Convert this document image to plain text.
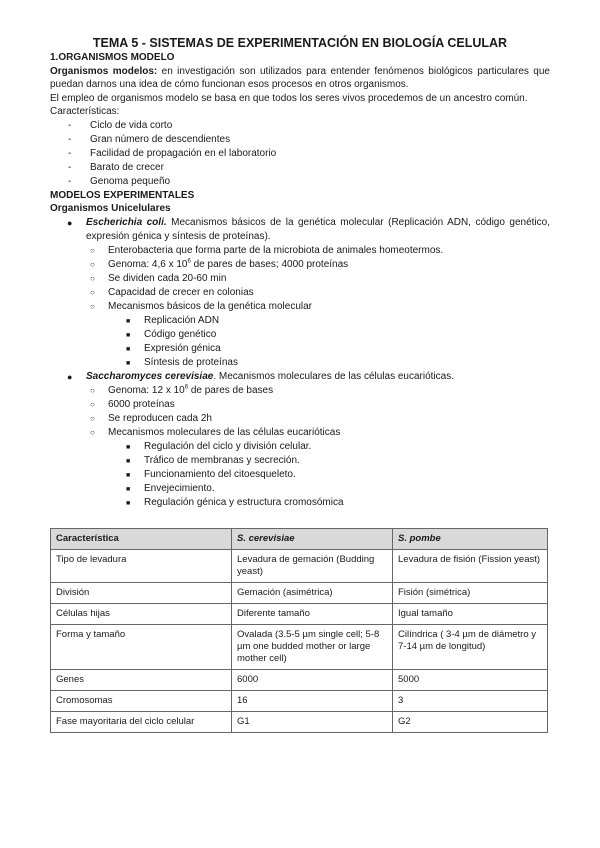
TEMA 5 - SISTEMAS DE EXPERIMENTACIÓN EN BIOLOGÍA CELULAR
1.ORGANISMOS MODELO
Organismos modelos: en investigación son utilizados para entender fenómenos biológicos particulares que puedan darnos una idea de cómo funcionan esos procesos en otros organismos.
El empleo de organismos modelo se basa en que todos los seres vivos procedemos de un ancestro común.
Características:
- Ciclo de vida corto
- Gran número de descendientes
- Facilidad de propagación en el laboratorio
- Barato de crecer
- Genoma pequeño
MODELOS EXPERIMENTALES
Organismos Unicelulares
● Escherichia coli. Mecanismos básicos de la genética molecular (Replicación ADN, código genético, expresión génica y síntesis de proteínas).
○ Enterobacteria que forma parte de la microbiota de animales homeotermos.
○ Genoma: 4,6 x $10^6$ de pares de bases; 4000 proteínas
○ Se dividen cada 20-60 min
○ Capacidad de crecer en colonias
○ Mecanismos básicos de la genética molecular
■ Replicación ADN
■ Código genético
■ Expresión génica
■ Síntesis de proteínas
● Saccharomyces cerevisiae. Mecanismos moleculares de las células eucarióticas.
○ Genoma: 12 x $10^6$ de pares de bases
○ 6000 proteínas
○ Se reproducen cada 2h
○ Mecanismos moleculares de las células eucarióticas
■ Regulación del ciclo y división celular.
■ Tráfico de membranas y secreción.
■ Funcionamiento del citoesqueleto.
■ Envejecimiento.
■ Regulación génica y estructura cromosómica
Característica	S. cerevisiae	S. pombe
Tipo de levadura	Levadura de gemación (Budding yeast)	Levadura de fisión (Fission yeast)
División	Gemación (asimétrica)	Fisión (simétrica)
Células hijas	Diferente tamaño	Igual tamaño
Forma y tamaño	Ovalada (3.5-5 µm single cell; 5-8 µm one budded mother or large mother cell)	Cilíndrica ( 3-4 µm de diámetro y 7-14 µm de longitud)
Genes	6000	5000
Cromosomas	16	3
Fase mayoritaria del ciclo celular	G1	G2
